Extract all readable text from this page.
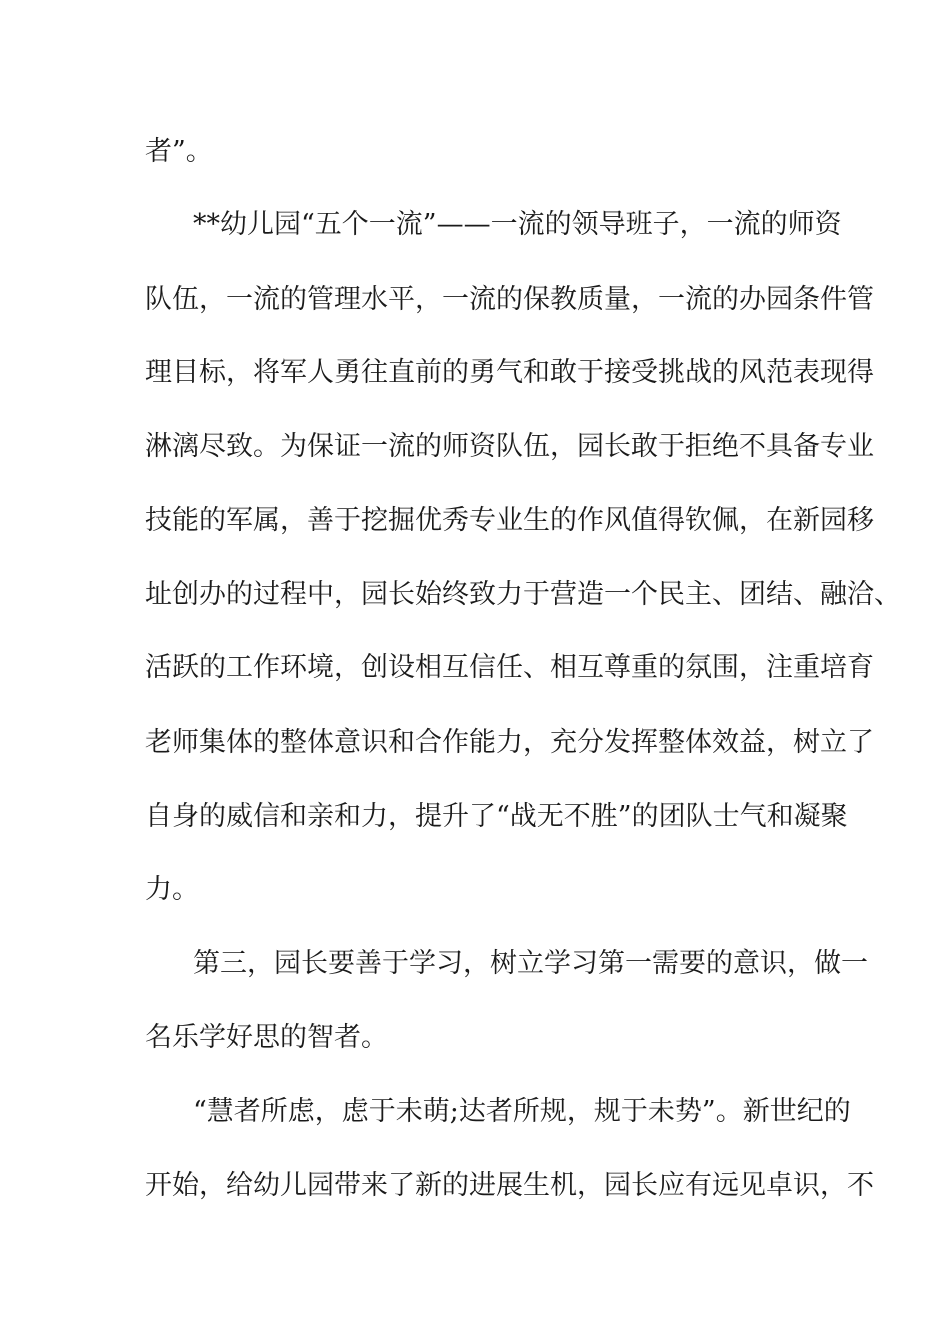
者”。
**幼儿园“五个一流”——一流的领导班子，一流的师资
队伍，一流的管理水平，一流的保教质量，一流的办园条件管
理目标，将军人勇往直前的勇气和敢于接受挑战的风范表现得
淋漓尽致。为保证一流的师资队伍，园长敢于拒绝不具备专业
技能的军属，善于挖掘优秀专业生的作风值得钦佩，在新园移
址创办的过程中，园长始终致力于营造一个民主、团结、融洽、
活跃的工作环境，创设相互信任、相互尊重的氛围，注重培育
老师集体的整体意识和合作能力，充分发挥整体效益，树立了
自身的威信和亲和力，提升了“战无不胜”的团队士气和凝聚
力。
第三，园长要善于学习，树立学习第一需要的意识，做一
名乐学好思的智者。
“慧者所虑，虑于未萌;达者所规，规于未势”。新世纪的
开始，给幼儿园带来了新的进展生机，园长应有远见卓识，不
